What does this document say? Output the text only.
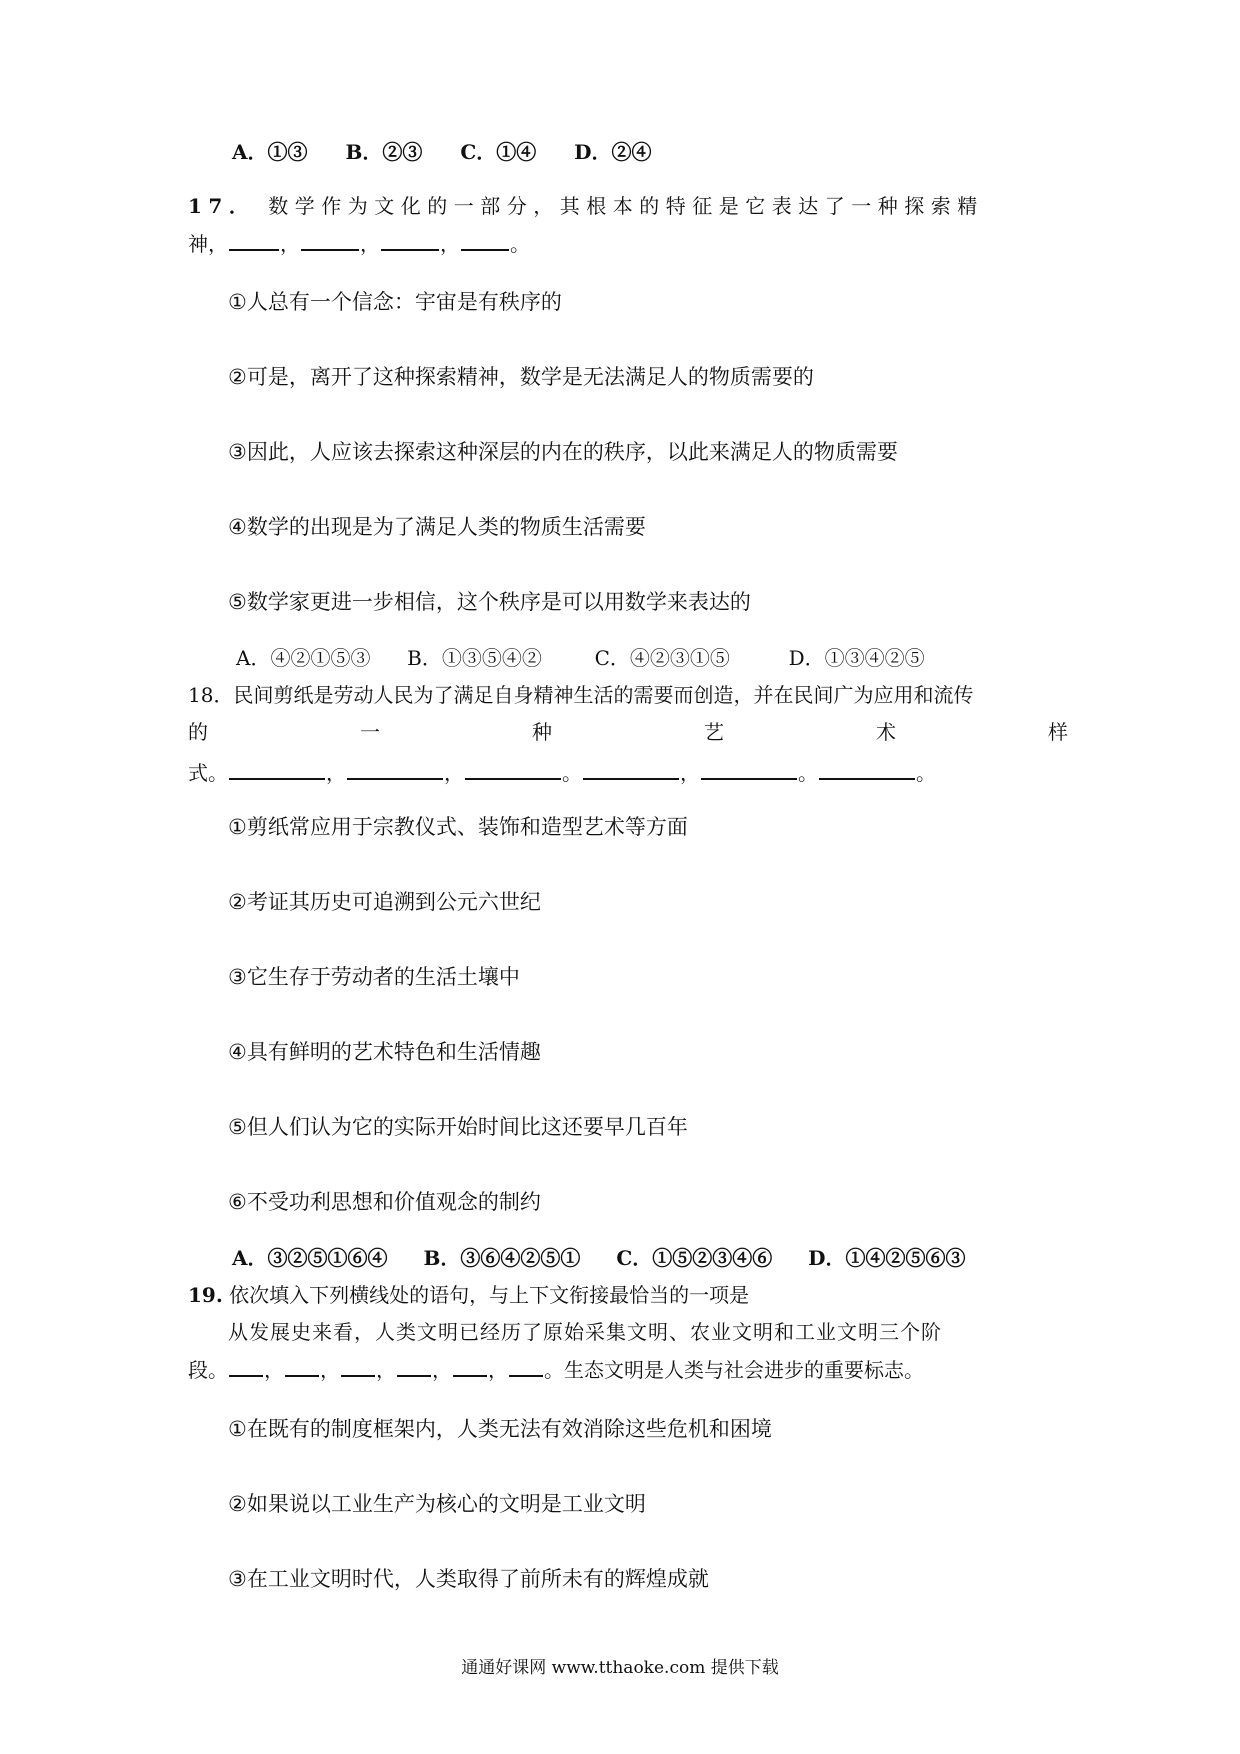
A．①③ B．②③ C．①④ D．②④
17． 数学作为文化的一部分，其根本的特征是它表达了一种探索精
神，	，	，	，	。
①人总有一个信念：宇宙是有秩序的
②可是，离开了这种探索精神，数学是无法满足人的物质需要的
③因此，人应该去探索这种深层的内在的秩序，以此来满足人的物质需要
④数学的出现是为了满足人类的物质生活需要
⑤数学家更进一步相信，这个秩序是可以用数学来表达的
A．④②①⑤③ B．①③⑤④②	C．④②③①⑤	D．①③④②⑤
18．民间剪纸是劳动人民为了满足自身精神生活的需要而创造，并在民间广为应用和流传
的	一	种	艺	术	样
式。	，	，	。	，	。	。
①剪纸常应用于宗教仪式、装饰和造型艺术等方面
②考证其历史可追溯到公元六世纪
③它生存于劳动者的生活土壤中
④具有鲜明的艺术特色和生活情趣
⑤但人们认为它的实际开始时间比这还要早几百年
⑥不受功利思想和价值观念的制约
A．③②⑤①⑥④ B．③⑥④②⑤① C．①⑤②③④⑥ D．①④②⑤⑥③
19. 依次填入下列横线处的语句，与上下文衔接最恰当的一项是
从发展史来看，人类文明已经历了原始采集文明、农业文明和工业文明三个阶
段。 ， ， ， ， ， 。生态文明是人类与社会进步的重要标志。
①在既有的制度框架内，人类无法有效消除这些危机和困境
②如果说以工业生产为核心的文明是工业文明
③在工业文明时代，人类取得了前所未有的辉煌成就
通通好课网 www.tthaoke.com 提供下载
